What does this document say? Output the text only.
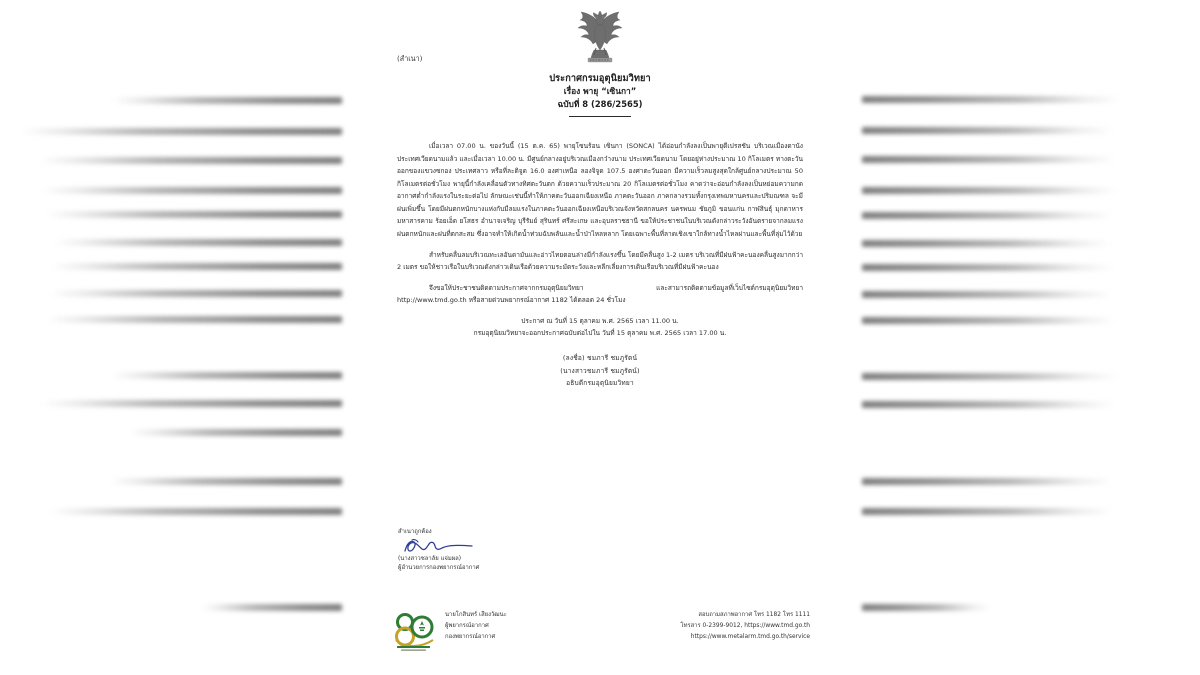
(สำเนา)
ประกาศกรมอุตุนิยมวิทยา
เรื่อง พายุ “เซินกา”
ฉบับที่ 8 (286/2565)

เมื่อเวลา 07.00 น. ของวันนี้ (15 ต.ค. 65) พายุโซนร้อน เซินกา (SONCA) ได้อ่อนกำลังลงเป็นพายุดีเปรสชัน บริเวณเมืองดานัง ประเทศเวียดนามแล้ว และเมื่อเวลา 10.00 น. มีศูนย์กลางอยู่บริเวณเมืองกว๋างนาม ประเทศเวียดนาม โดยอยู่ห่างประมาณ 10 กิโลเมตร ทางตะวันออกของแขวงซกอง ประเทศลาว หรือที่ละติจูด 16.0 องศาเหนือ ลองจิจูด 107.5 องศาตะวันออก มีความเร็วลมสูงสุดใกล้ศูนย์กลางประมาณ 50 กิโลเมตรต่อชั่วโมง พายุนี้กำลังเคลื่อนตัวทางทิศตะวันตก ด้วยความเร็วประมาณ 20 กิโลเมตรต่อชั่วโมง คาดว่าจะอ่อนกำลังลงเป็นหย่อมความกดอากาศต่ำกำลังแรงในระยะต่อไป ลักษณะเช่นนี้ทำให้ภาคตะวันออกเฉียงเหนือ ภาคตะวันออก ภาคกลางรวมทั้งกรุงเทพมหานครและปริมณฑล จะมีฝนเพิ่มขึ้น โดยมีฝนตกหนักบางแห่งกับมีลมแรงในภาคตะวันออกเฉียงเหนือบริเวณจังหวัดสกลนคร นครพนม ชัยภูมิ ขอนแก่น กาฬสินธุ์ มุกดาหาร มหาสารคาม ร้อยเอ็ด ยโสธร อำนาจเจริญ บุรีรัมย์ สุรินทร์ ศรีสะเกษ และอุบลราชธานี ขอให้ประชาชนในบริเวณดังกล่าวระวังอันตรายจากลมแรง ฝนตกหนักและฝนที่ตกสะสม ซึ่งอาจทำให้เกิดน้ำท่วมฉับพลันและน้ำป่าไหลหลาก โดยเฉพาะพื้นที่ลาดเชิงเขาใกล้ทางน้ำไหลผ่านและพื้นที่ลุ่มไว้ด้วย

สำหรับคลื่นลมบริเวณทะเลอันดามันและอ่าวไทยตอนล่างมีกำลังแรงขึ้น โดยมีคลื่นสูง 1-2 เมตร บริเวณที่มีฝนฟ้าคะนองคลื่นสูงมากกว่า 2 เมตร ขอให้ชาวเรือในบริเวณดังกล่าวเดินเรือด้วยความระมัดระวังและหลีกเลี่ยงการเดินเรือบริเวณที่มีฝนฟ้าคะนอง

จึงขอให้ประชาชนติดตามประกาศจากกรมอุตุนิยมวิทยา และสามารถติดตามข้อมูลที่เว็บไซต์กรมอุตุนิยมวิทยา http://www.tmd.go.th หรือสายด่วนพยากรณ์อากาศ 1182 ได้ตลอด 24 ชั่วโมง

ประกาศ ณ วันที่ 15 ตุลาคม พ.ศ. 2565 เวลา 11.00 น.
กรมอุตุนิยมวิทยาจะออกประกาศฉบับต่อไปใน วันที่ 15 ตุลาคม พ.ศ. 2565 เวลา 17.00 น.
(ลงชื่อ) ชมภารี ชมภูรัตน์
(นางสาวชมภารี ชมภูรัตน์)
อธิบดีกรมอุตุนิยมวิทยา
สำเนาถูกต้อง
(นางสาวชลาลัย แจ่มผล)
ผู้อำนวยการกองพยากรณ์อากาศ
นายโกสินทร์ เสียงวัฒนะ
ผู้พยากรณ์อากาศ
กองพยากรณ์อากาศ
สอบถามสภาพอากาศ โทร 1182 โทร 1111
โทรสาร 0-2399-9012, https://www.tmd.go.th
https://www.metalarm.tmd.go.th/service
